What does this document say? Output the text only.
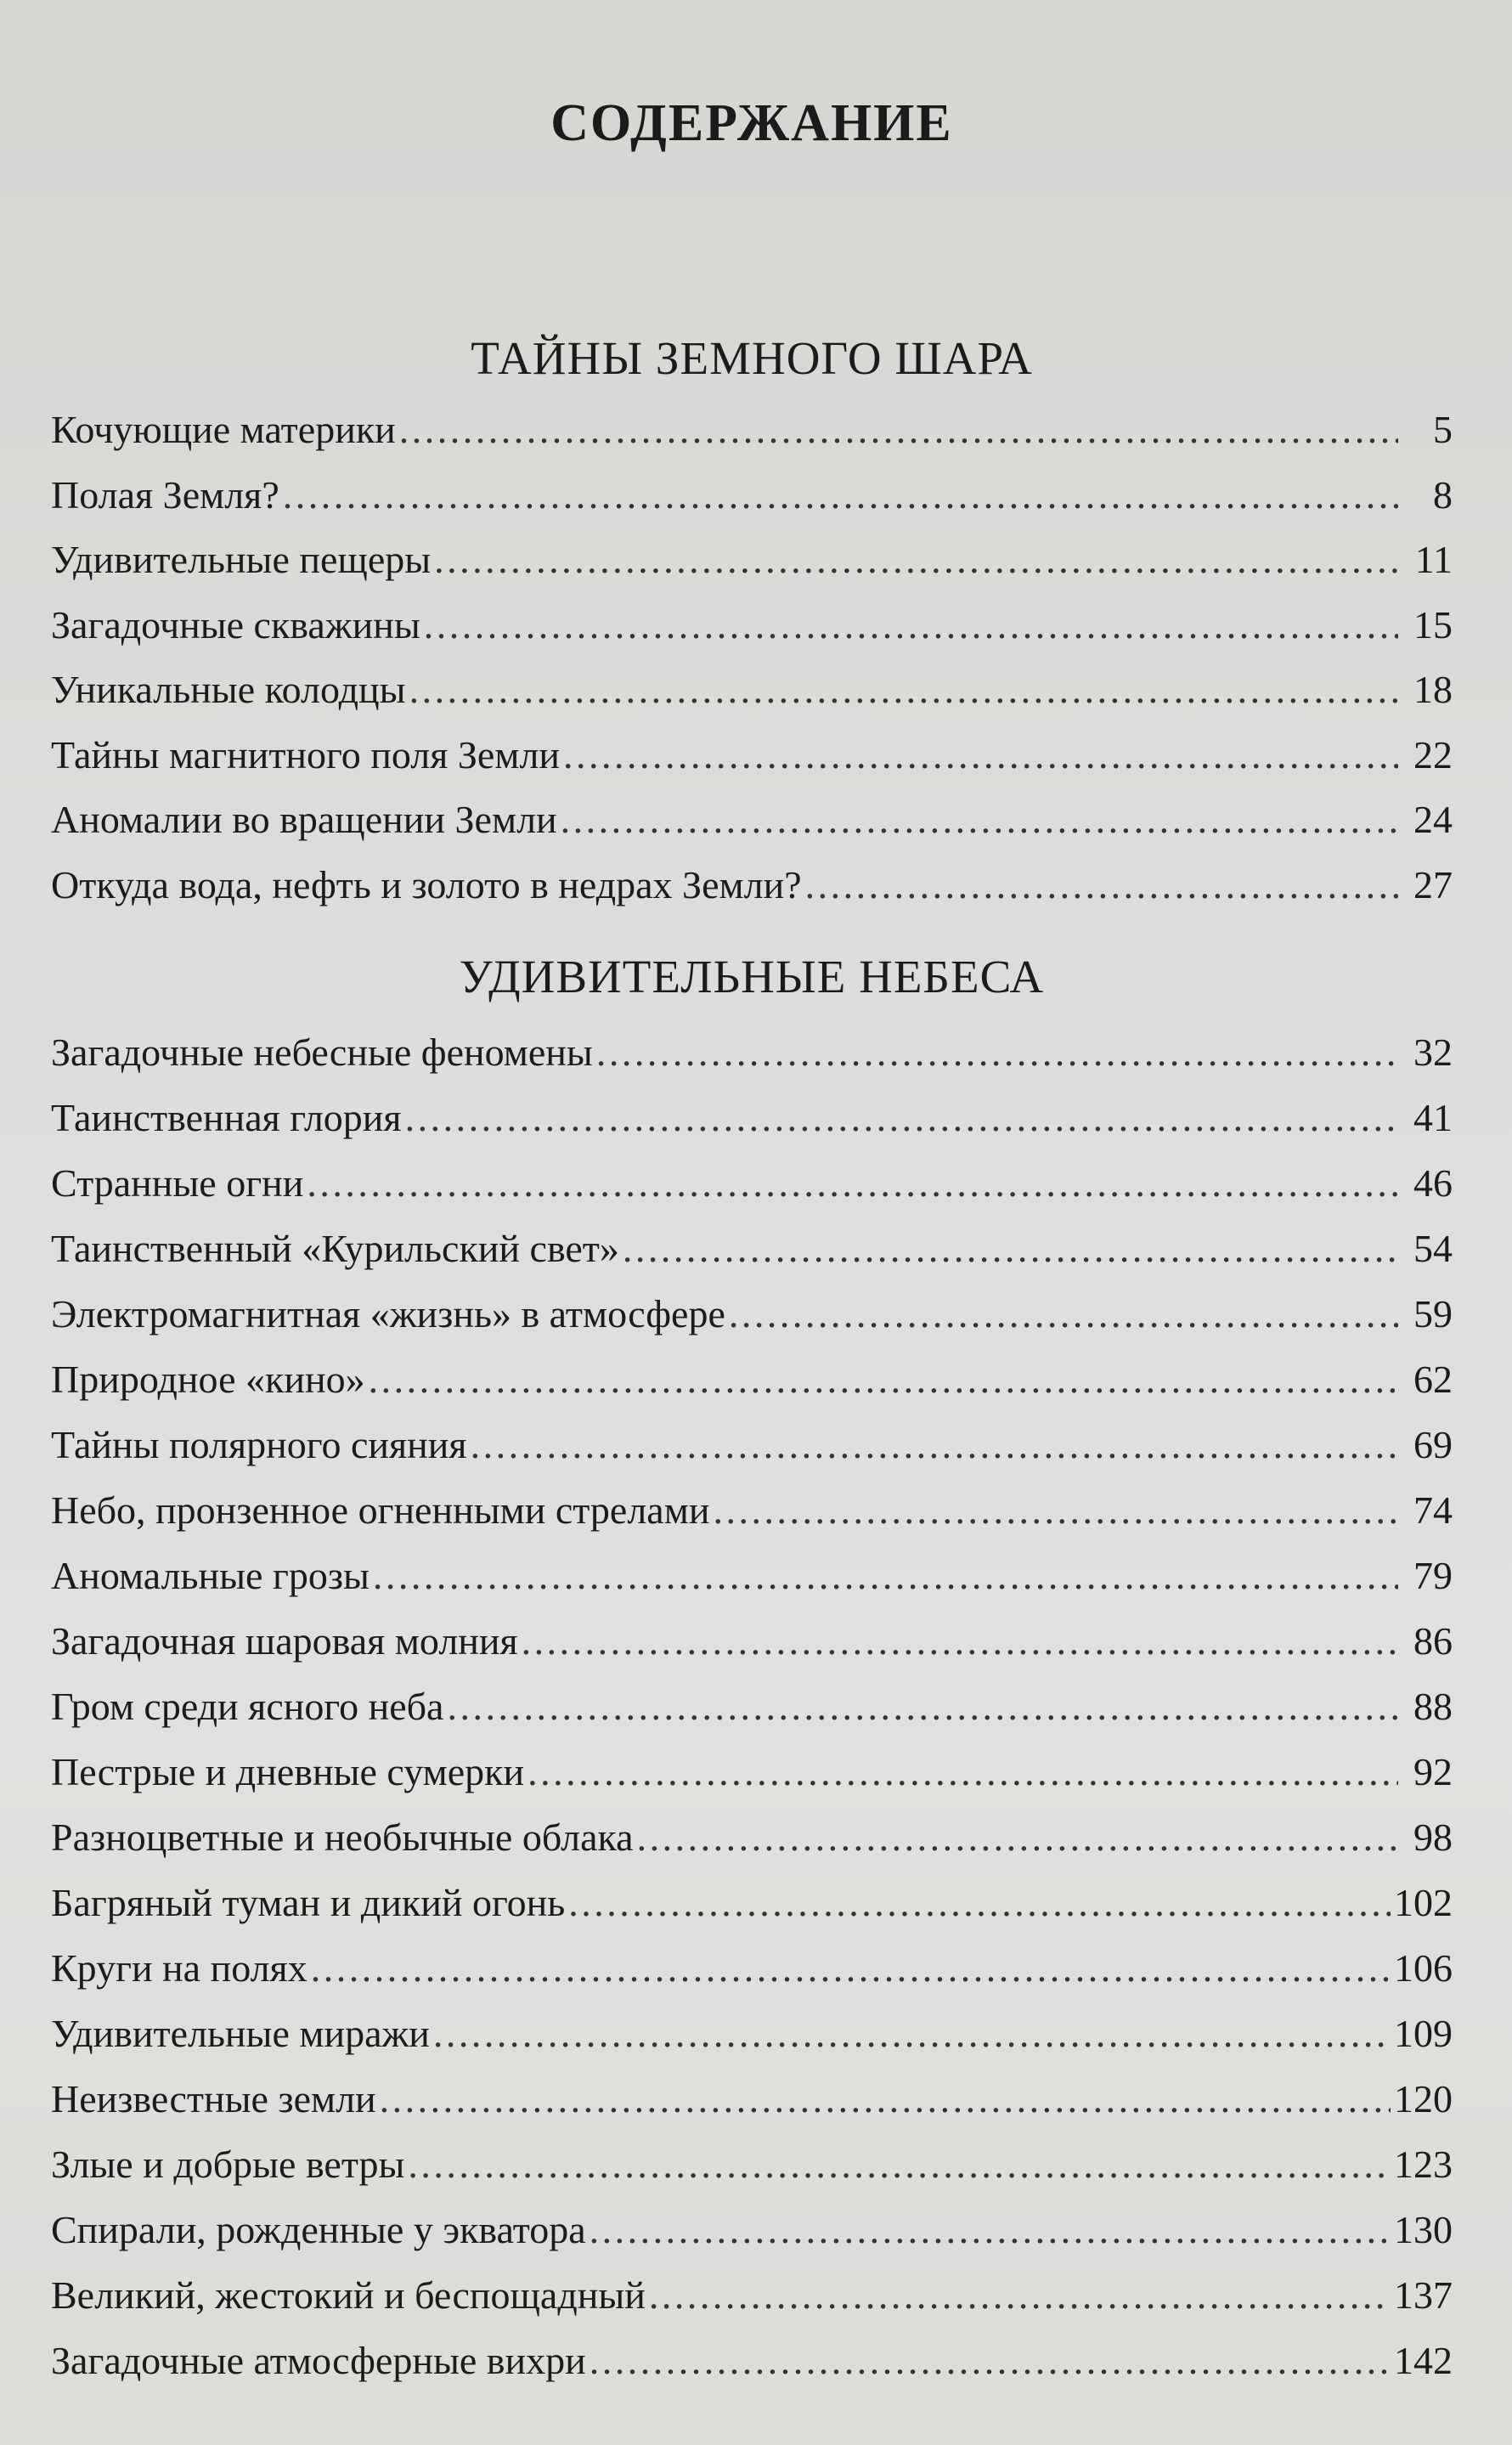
СОДЕРЖАНИЕ
ТАЙНЫ ЗЕМНОГО ШАРА
Кочующие материки . . .	5
Полая Земля? . . .	8
Удивительные пещеры . . .	11
Загадочные скважины . . .	15
Уникальные колодцы . . .	18
Тайны магнитного поля Земли . . .	22
Аномалии во вращении Земли . . .	24
Откуда вода, нефть и золото в недрах Земли? . . .	27
УДИВИТЕЛЬНЫЕ НЕБЕСА
Загадочные небесные феномены . . .	32
Таинственная глория . . .	41
Странные огни . . .	46
Таинственный «Курильский свет» . . .	54
Электромагнитная «жизнь» в атмосфере . . .	59
Природное «кино» . . .	62
Тайны полярного сияния . . .	69
Небо, пронзенное огненными стрелами . . .	74
Аномальные грозы . . .	79
Загадочная шаровая молния . . .	86
Гром среди ясного неба . . .	88
Пестрые и дневные сумерки . . .	92
Разноцветные и необычные облака . . .	98
Багряный туман и дикий огонь . . .	102
Круги на полях . . .	106
Удивительные миражи . . .	109
Неизвестные земли . . .	120
Злые и добрые ветры . . .	123
Спирали, рожденные у экватора . . .	130
Великий, жестокий и беспощадный . . .	137
Загадочные атмосферные вихри . . .	142
